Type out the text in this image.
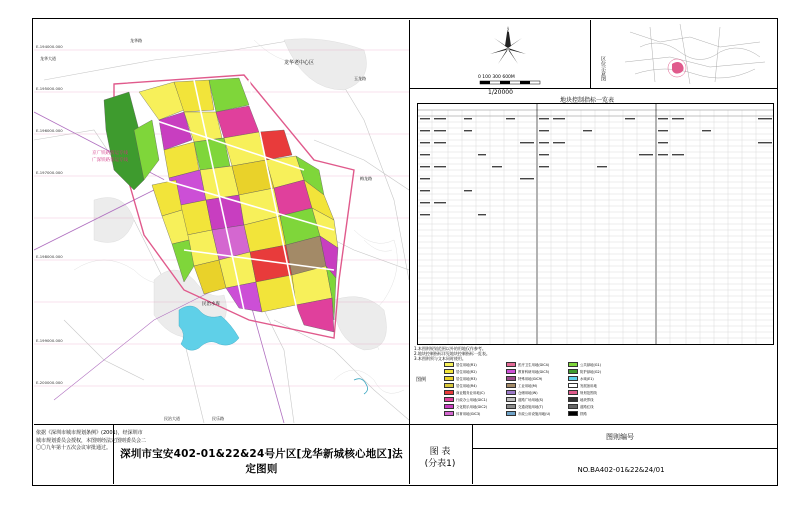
龙华老中心区
京广铁路客运专线
广深铁路客运专线
民治水库
梅龙路
龙华路
民乐路
龙华大道
民治大道
玉龙路
E-194000.000
E-195000.000
E-196000.000
E-197000.000
E-198000.000
E-199000.000
E-200000.000
N
0 100 300 600M
1/20000
区位示意图
地块控制指标一览表
1.本图则规划范围以外的用地仅作参考。
2.地块控制指标详见地块控制指标一览表。
3.本图则须与文本同时使用。
图例
居住用地(R1)
居住用地(R2)
居住用地(R3)
居住用地(R4)
商业服务业用地(C)
行政办公用地(GIC1)
文化娱乐用地(GIC2)
体育用地(GIC3)
医疗卫生用地(GIC4)
教育科研用地(GIC5)
特殊用地(GIC9)
工业用地(M)
仓储用地(W)
道路广场用地(S)
交通设施用地(T)
市政公用设施用地(U)
公共绿地(G1)
防护绿地(G2)
水域(E1)
发展备用地
规划范围线
地块界线
道路红线
铁路
依据《深圳市城市规划条例》(2001)，经深圳市城市规划委员会授权，本图则经法定图则委员会二〇〇九年第十五次会议审批通过。 深圳市宝安402-01&22&24号片区[龙华新城核心地区]法定图则
图 表
(分表1)
图则编号
NO.BA402-01&22&24/01
